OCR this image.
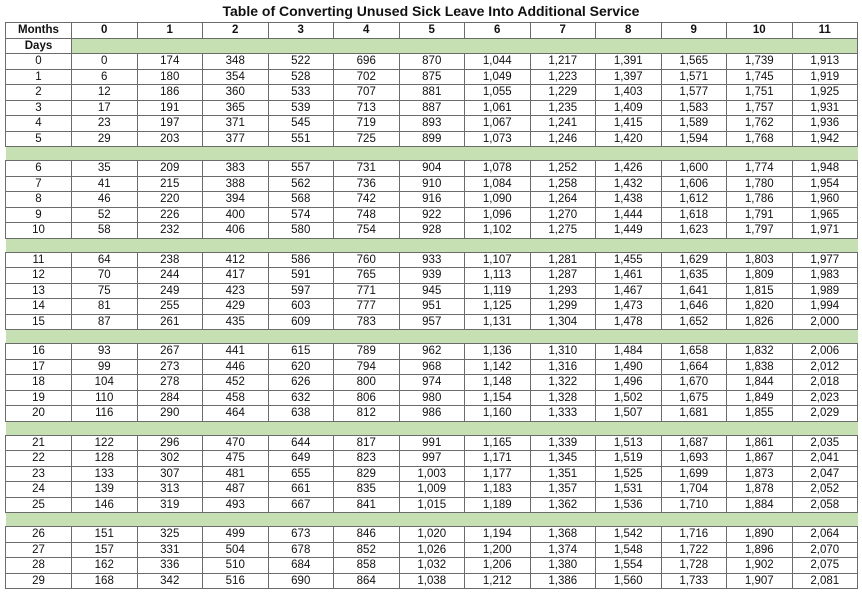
Table of Converting Unused Sick Leave Into Additional Service
Months	0	1	2	3	4	5	6	7	8	9	10	11
Days												
0	0	174	348	522	696	870	1,044	1,217	1,391	1,565	1,739	1,913
1	6	180	354	528	702	875	1,049	1,223	1,397	1,571	1,745	1,919
2	12	186	360	533	707	881	1,055	1,229	1,403	1,577	1,751	1,925
3	17	191	365	539	713	887	1,061	1,235	1,409	1,583	1,757	1,931
4	23	197	371	545	719	893	1,067	1,241	1,415	1,589	1,762	1,936
5	29	203	377	551	725	899	1,073	1,246	1,420	1,594	1,768	1,942

6	35	209	383	557	731	904	1,078	1,252	1,426	1,600	1,774	1,948
7	41	215	388	562	736	910	1,084	1,258	1,432	1,606	1,780	1,954
8	46	220	394	568	742	916	1,090	1,264	1,438	1,612	1,786	1,960
9	52	226	400	574	748	922	1,096	1,270	1,444	1,618	1,791	1,965
10	58	232	406	580	754	928	1,102	1,275	1,449	1,623	1,797	1,971

11	64	238	412	586	760	933	1,107	1,281	1,455	1,629	1,803	1,977
12	70	244	417	591	765	939	1,113	1,287	1,461	1,635	1,809	1,983
13	75	249	423	597	771	945	1,119	1,293	1,467	1,641	1,815	1,989
14	81	255	429	603	777	951	1,125	1,299	1,473	1,646	1,820	1,994
15	87	261	435	609	783	957	1,131	1,304	1,478	1,652	1,826	2,000

16	93	267	441	615	789	962	1,136	1,310	1,484	1,658	1,832	2,006
17	99	273	446	620	794	968	1,142	1,316	1,490	1,664	1,838	2,012
18	104	278	452	626	800	974	1,148	1,322	1,496	1,670	1,844	2,018
19	110	284	458	632	806	980	1,154	1,328	1,502	1,675	1,849	2,023
20	116	290	464	638	812	986	1,160	1,333	1,507	1,681	1,855	2,029

21	122	296	470	644	817	991	1,165	1,339	1,513	1,687	1,861	2,035
22	128	302	475	649	823	997	1,171	1,345	1,519	1,693	1,867	2,041
23	133	307	481	655	829	1,003	1,177	1,351	1,525	1,699	1,873	2,047
24	139	313	487	661	835	1,009	1,183	1,357	1,531	1,704	1,878	2,052
25	146	319	493	667	841	1,015	1,189	1,362	1,536	1,710	1,884	2,058

26	151	325	499	673	846	1,020	1,194	1,368	1,542	1,716	1,890	2,064
27	157	331	504	678	852	1,026	1,200	1,374	1,548	1,722	1,896	2,070
28	162	336	510	684	858	1,032	1,206	1,380	1,554	1,728	1,902	2,075
29	168	342	516	690	864	1,038	1,212	1,386	1,560	1,733	1,907	2,081
